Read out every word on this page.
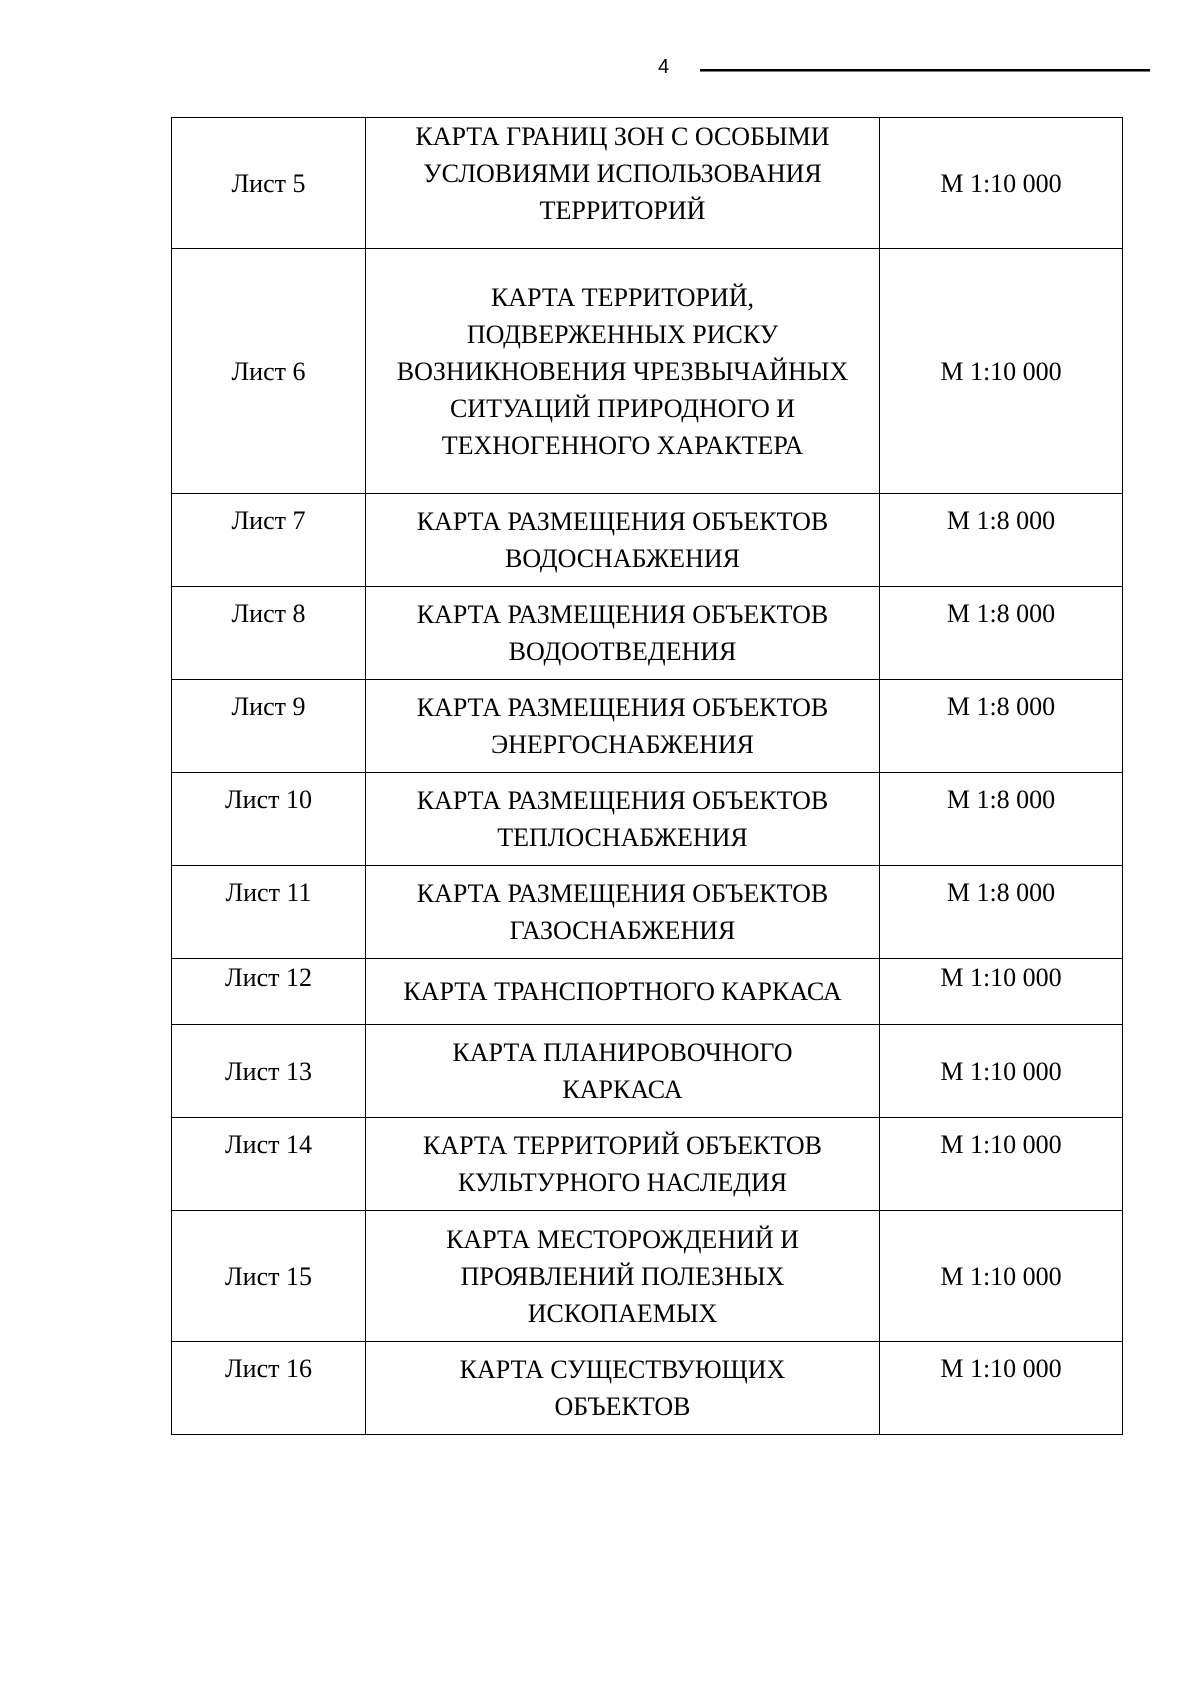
4
Лист 5	КАРТА ГРАНИЦ ЗОН С ОСОБЫМИ УСЛОВИЯМИ ИСПОЛЬЗОВАНИЯ ТЕРРИТОРИЙ	М 1:10 000
Лист 6	КАРТА ТЕРРИТОРИЙ, ПОДВЕРЖЕННЫХ РИСКУ ВОЗНИКНОВЕНИЯ ЧРЕЗВЫЧАЙНЫХ СИТУАЦИЙ ПРИРОДНОГО И ТЕХНОГЕННОГО ХАРАКТЕРА	М 1:10 000
Лист 7	КАРТА РАЗМЕЩЕНИЯ ОБЪЕКТОВ ВОДОСНАБЖЕНИЯ	М 1:8 000
Лист 8	КАРТА РАЗМЕЩЕНИЯ ОБЪЕКТОВ ВОДООТВЕДЕНИЯ	М 1:8 000
Лист 9	КАРТА РАЗМЕЩЕНИЯ ОБЪЕКТОВ ЭНЕРГОСНАБЖЕНИЯ	М 1:8 000
Лист 10	КАРТА РАЗМЕЩЕНИЯ ОБЪЕКТОВ ТЕПЛОСНАБЖЕНИЯ	М 1:8 000
Лист 11	КАРТА РАЗМЕЩЕНИЯ ОБЪЕКТОВ ГАЗОСНАБЖЕНИЯ	М 1:8 000
Лист 12	КАРТА ТРАНСПОРТНОГО КАРКАСА	М 1:10 000
Лист 13	КАРТА ПЛАНИРОВОЧНОГО КАРКАСА	М 1:10 000
Лист 14	КАРТА ТЕРРИТОРИЙ ОБЪЕКТОВ КУЛЬТУРНОГО НАСЛЕДИЯ	М 1:10 000
Лист 15	КАРТА МЕСТОРОЖДЕНИЙ И ПРОЯВЛЕНИЙ ПОЛЕЗНЫХ ИСКОПАЕМЫХ	М 1:10 000
Лист 16	КАРТА СУЩЕСТВУЮЩИХ ОБЪЕКТОВ	М 1:10 000
